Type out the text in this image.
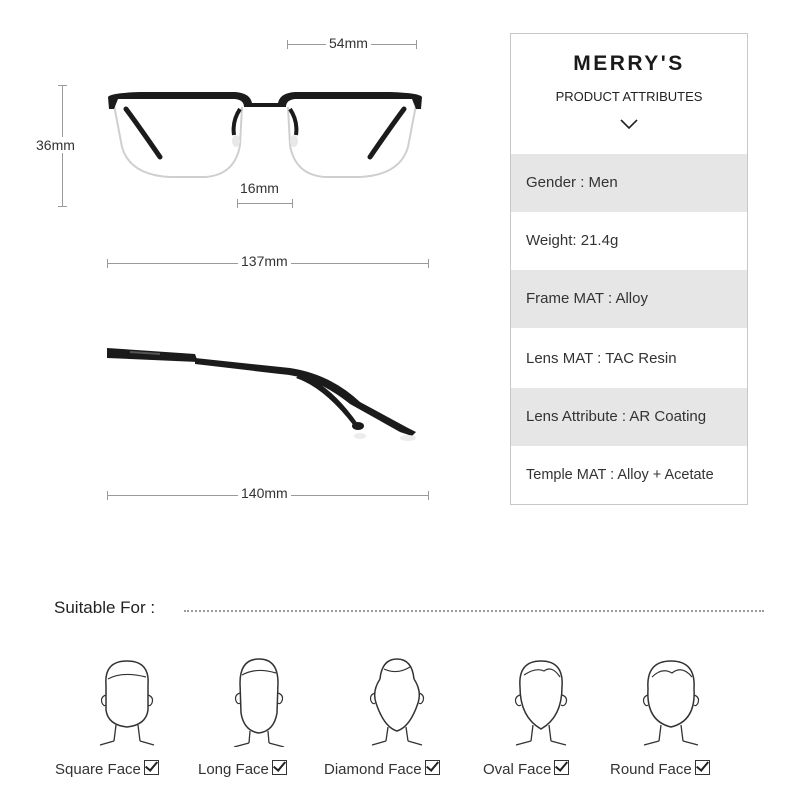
54mm
36mm
16mm
137mm
140mm
MERRY'S
PRODUCT ATTRIBUTES
Gender : Men
Weight: 21.4g
Frame MAT : Alloy
Lens MAT : TAC Resin
Lens Attribute : AR Coating
Temple MAT : Alloy + Acetate
Suitable For :
Square Face	Long Face	Diamond Face	Oval Face	Round Face
